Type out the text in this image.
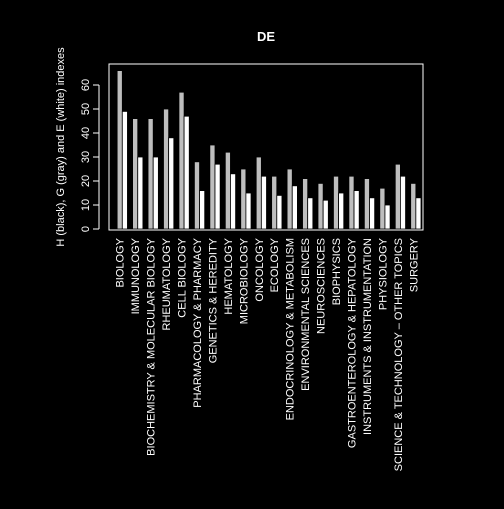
DE
H (black), G (gray) and E (white) indexes 0
10
20
30
40
50
60
BIOLOGY IMMUNOLOGY BIOCHEMISTRY & MOLECULAR BIOLOGY RHEUMATOLOGY CELL BIOLOGY PHARMACOLOGY & PHARMACY GENETICS & HEREDITY HEMATOLOGY MICROBIOLOGY ONCOLOGY ECOLOGY ENDOCRINOLOGY & METABOLISM ENVIRONMENTAL SCIENCES NEUROSCIENCES BIOPHYSICS GASTROENTEROLOGY & HEPATOLOGY INSTRUMENTS & INSTRUMENTATION PHYSIOLOGY SCIENCE & TECHNOLOGY – OTHER TOPICS SURGERY
